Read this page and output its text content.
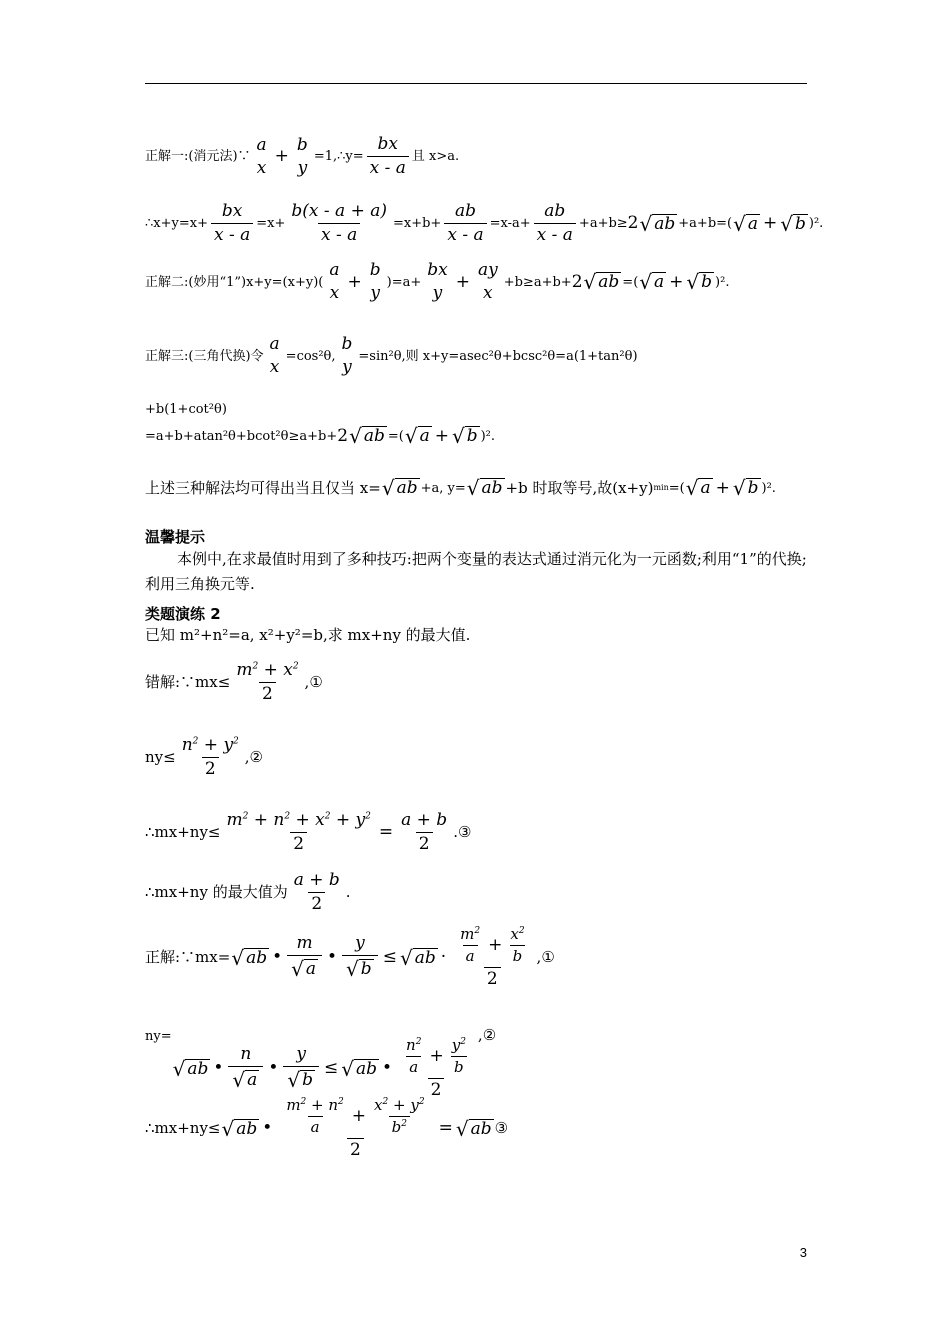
正解一:(消元法)∵
a
x
+
b
y
=1,∴y= $\frac{bx}{x - a}$ 且 x>a.
∴x+y=x+ $\frac{bx}{x - a} =x+ \frac{b(x - a + a)}{x - a} =x+b+ \frac{ab}{x - a} =x-a+ \frac{ab}{x - a} +a+b\ge 2$ √ ab +a+b=( √ a + √ b )².
正解二:(妙用“1”)x+y=(x+y)(
a
x
+
b
y
)=a+
bx
y
+
ay
x
+b≥a+b+ 2 √ ab =( √ a + √ b )².
正解三:(三角代换)令
a
x
=cos²θ,
b
y
=sin²θ,则 x+y=asec²θ+bcsc²θ=a(1+tan²θ)
+b(1+cot²θ)
=a+b+atan²θ+bcot²θ≥a+b+ 2 √ ab =( √ a + √ b )².
上述三种解法均可得出当且仅当 x= √ ab +a, y= √ ab +b 时取等号,故(x+y) min =( √ a + √ b )².
温馨提示
本例中,在求最值时用到了多种技巧:把两个变量的表达式通过消元化为一元函数;利用“1”的代换;利用三角换元等.
类题演练 2
已知 m²+n²=a, x²+y²=b,求 mx+ny 的最大值.
错解:∵mx≤ $\frac{m^2 + x^2}{2}$ ,①
$ny\le \frac{n^2 + y^2}{2}$ ,②
∴mx+ny≤ $\frac{m^2 + n^2 + x^2 + y^2}{2} = \frac{a + b}{2}$ .③
∴mx+ny 的最大值为 $\frac{a + b}{2}$ .
正解:∵mx= √ ab • $\frac{m}{√ a}$ • $\frac{y}{√ b}$ ≤ √ ab · $\frac{\frac{m^2}{a} + \frac{x^2}{b}}{2}$ ,①
ny=
√ ab • $\frac{n}{√ a}$ • $\frac{y}{√ b}$ ≤ √ ab • $\frac{\frac{n^2}{a} + \frac{y^2}{b}}{2}$
,②
∴mx+ny≤ √ ab • $\frac{\frac{m^2 + n^2}{a} + \frac{x^2 + y^2}{b^2}}{2}$ = √ ab ③
3
